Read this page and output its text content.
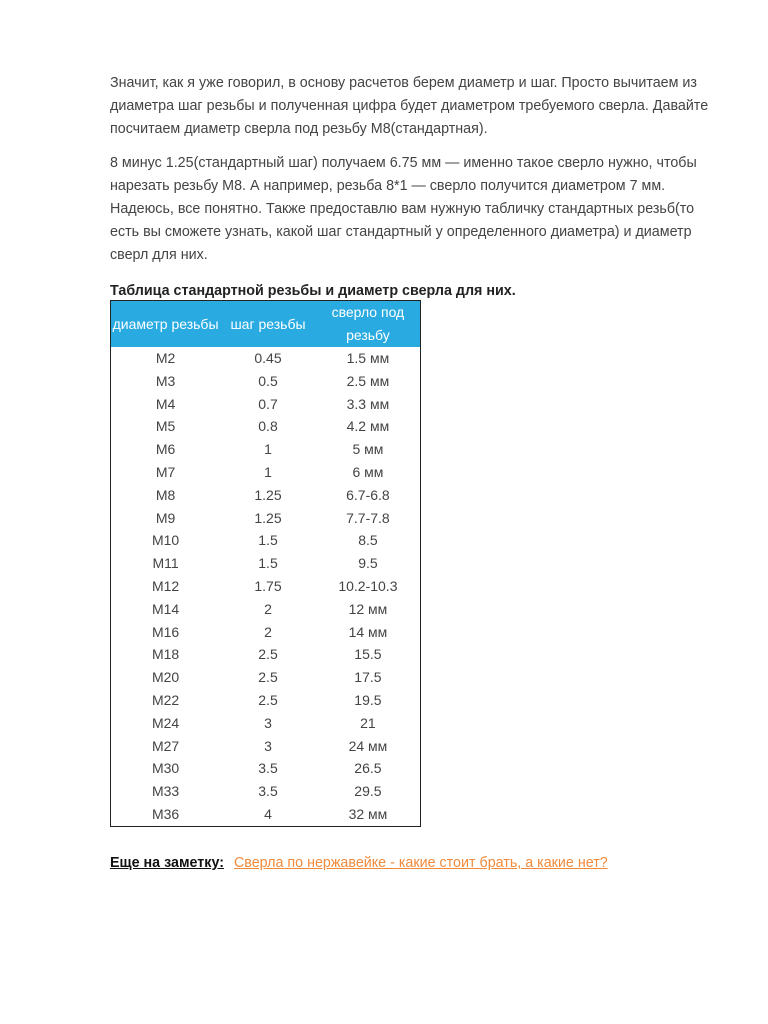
Значит, как я уже говорил, в основу расчетов берем диаметр и шаг. Просто вычитаем из диаметра шаг резьбы и полученная цифра будет диаметром требуемого сверла. Давайте посчитаем диаметр сверла под резьбу М8(стандартная).

8 минус 1.25(стандартный шаг) получаем 6.75 мм — именно такое сверло нужно, чтобы нарезать резьбу М8. А например, резьба 8*1 — сверло получится диаметром 7 мм. Надеюсь, все понятно. Также предоставлю вам нужную табличку стандартных резьб(то есть вы сможете узнать, какой шаг стандартный у определенного диаметра) и диаметр сверл для них.

Таблица стандартной резьбы и диаметр сверла для них.
диаметр резьбы	шаг резьбы	сверло под резьбу
M2	0.45	1.5 мм
M3	0.5	2.5 мм
M4	0.7	3.3 мм
M5	0.8	4.2 мм
M6	1	5 мм
M7	1	6 мм
M8	1.25	6.7-6.8
M9	1.25	7.7-7.8
M10	1.5	8.5
M11	1.5	9.5
M12	1.75	10.2-10.3
M14	2	12 мм
M16	2	14 мм
M18	2.5	15.5
M20	2.5	17.5
M22	2.5	19.5
M24	3	21
M27	3	24 мм
M30	3.5	26.5
M33	3.5	29.5
M36	4	32 мм
Еще на заметку: Сверла по нержавейке - какие стоит брать, а какие нет?
